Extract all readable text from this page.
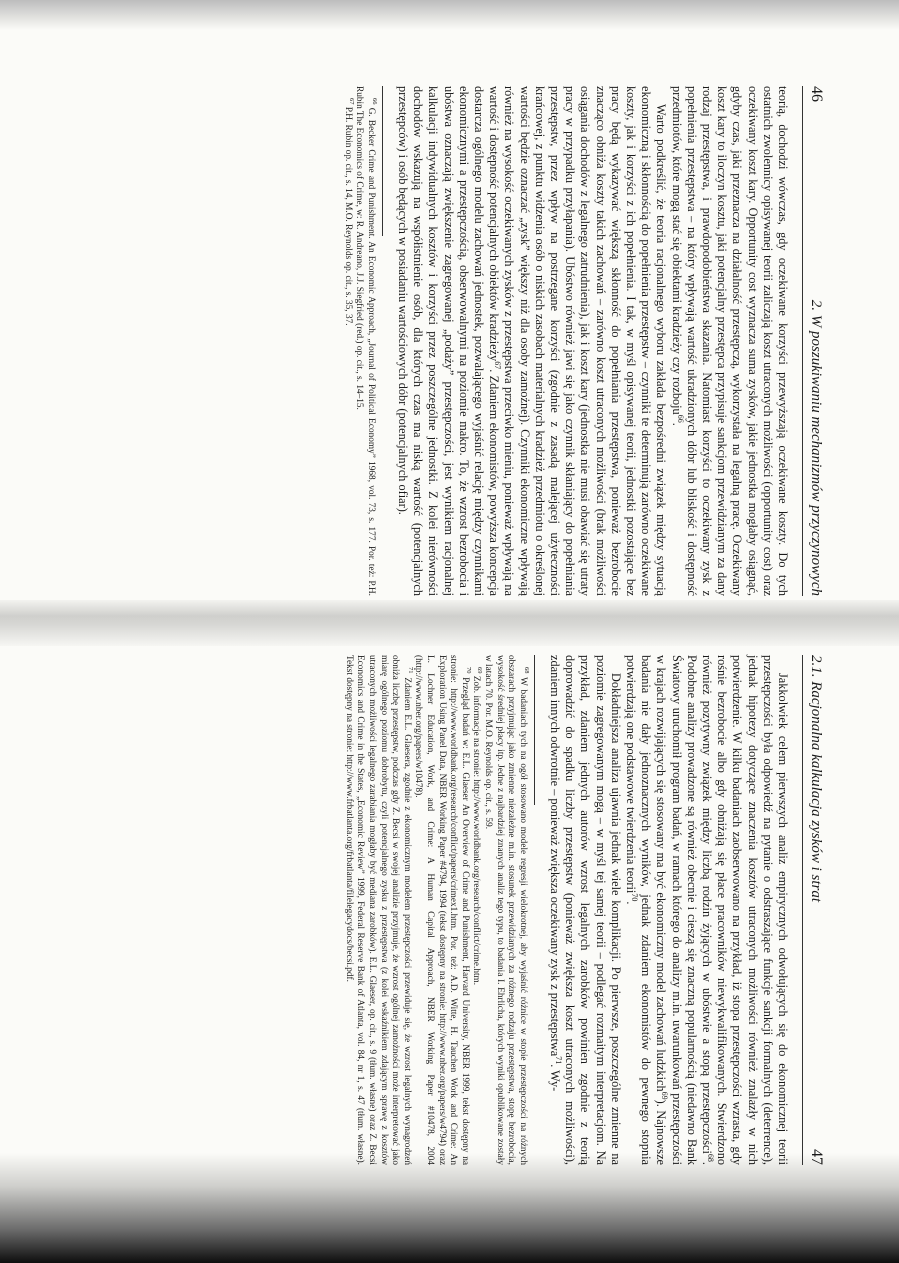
46
2. W poszukiwaniu mechanizmów przyczynowych

teorią, dochodzi wówczas, gdy oczekiwane korzyści przewyższają oczekiwane koszty. Do tych ostatnich zwolennicy opisywanej teorii zaliczają koszt utraconych możliwości (opportunity cost) oraz oczekiwany koszt kary. Opportunity cost wyznacza suma zysków, jakie jednostka mogłaby osiągnąć, gdyby czas, jaki przeznacza na działalność przestępczą, wykorzystała na legalną pracę. Oczekiwany koszt kary to iloczyn kosztu, jaki potencjalny przestępca przypisuje sankcjom przewidzianym za dany rodzaj przestępstwa, i prawdopodobieństwa skazania. Natomiast korzyści to oczekiwany zysk z popełnienia przestępstwa – na który wpływają wartość ukradzionych dóbr lub bliskość i dostępność przedmiotów, które mogą stać się obiektami kradzieży czy rozboju$^{66}$.

Warto podkreślić, że teoria racjonalnego wyboru zakłada bezpośredni związek między sytuacją ekonomiczną i skłonnością do popełnienia przestępstw – czynniki te determinują zarówno oczekiwane koszty, jak i korzyści z ich popełnienia. I tak, w myśl opisywanej teorii, jednostki pozostające bez pracy będą wykazywać większą skłonność do popełniania przestępstwa, ponieważ bezrobocie znacząco obniża koszty takich zachowań – zarówno koszt utraconych możliwości (brak możliwości osiągania dochodów z legalnego zatrudnienia), jak i koszt kary (jednostka nie musi obawiać się utraty pracy w przypadku przyłapania). Ubóstwo również jawi się jako czynnik skłaniający do popełniania przestępstw, przez wpływ na postrzegane korzyści (zgodnie z zasadą malejącej użyteczności krańcowej, z punktu widzenia osób o niskich zasobach materialnych kradzież przedmiotu o określonej wartości będzie oznaczać „zysk” większy niż dla osoby zamożnej). Czynniki ekonomiczne wpływają również na wysokość oczekiwanych zysków z przestępstwa przeciwko mieniu, ponieważ wpływają na wartość i dostępność potencjalnych obiektów kradzieży$^{67}$. Zdaniem ekonomistów, powyższa koncepcja dostarcza ogólnego modelu zachowań jednostek, pozwalającego wyjaśnić relację między czynnikami ekonomicznymi a przestępczością, obserwowalnymi na poziomie makro. To, że wzrost bezrobocia i ubóstwa oznaczają zwiększenie zagregowanej „podaży” przestępczości, jest wynikiem racjonalnej kalkulacji indywidualnych kosztów i korzyści przez poszczególne jednostki. Z kolei nierówności dochodów wskazują na współistnienie osób, dla których czas ma niską wartość (potencjalnych przestępców) i osób będących w posiadaniu wartościowych dóbr (potencjalnych ofiar).

$^{66}$ G. Becker Crime and Punishment. An Economic Approach, „Journal of Political Economy” 1968, vol. 73, s. 177. Por. też: P.H. Rubin The Economics of Crime, w: R. Andreano, J.J. Siegfried (red.) op. cit., s. 14–15.

$^{67}$ P.H. Rubin op. cit., s. 14, M.O. Reynolds op. cit., s. 35, 37.

47
2.1. Racjonalna kalkulacja zysków i strat

Jakkolwiek celem pierwszych analiz empirycznych odwołujących się do ekonomicznej teorii przestępczości była odpowiedź na pytanie o odstraszające funkcje sankcji formalnych (deterrence), jednak hipotezy dotyczące znaczenia kosztów utraconych możliwości również znalazły w nich potwierdzenie. W kilku badaniach zaobserwowano na przykład, iż stopa przestępczości wzrasta, gdy rośnie bezrobocie albo gdy obniżają się płace pracowników niewykwalifikowanych. Stwierdzono również pozytywny związek między liczbą rodzin żyjących w ubóstwie a stopą przestępczości$^{68}$. Podobne analizy prowadzone są również obecnie i cieszą się znaczną popularnością (niedawno Bank Światowy uruchomił program badań, w ramach którego do analizy m.in. uwarunkowań przestępczości w krajach rozwijających się stosowany ma być ekonomiczny model zachowań ludzkich$^{69}$). Najnowsze badania nie dały jednoznacznych wyników, jednak zdaniem ekonomistów do pewnego stopnia potwierdzają one podstawowe twierdzenia teorii$^{70}$.

Dokładniejsza analiza ujawnia jednak wiele komplikacji. Po pierwsze, poszczególne zmienne na poziomie zagregowanym mogą – w myśl tej samej teorii – podlegać rozmaitym interpretacjom. Na przykład, zdaniem jednych autorów wzrost legalnych zarobków powinien zgodnie z teorią doprowadzić do spadku liczby przestępstw (ponieważ zwiększa koszt utraconych możliwości), zdaniem innych odwrotnie – ponieważ zwiększa oczekiwany zysk z przestępstwa$^{71}$. Wy-

$^{68}$ W badaniach tych na ogół stosowano modele regresji wielokrotnej, aby wyjaśnić różnice w stopie przestępczości na różnych obszarach przyjmując jako zmienne niezależne m.in. stosunek przewidzianych za różnego rodzaju przestępstwa, stopę bezrobocia, wysokość średniej płacy itp. Jedne z najbardziej znanych analiz tego typu, to badania I. Ehrlicha, których wyniki opublikowane zostały w latach 70. Por. M.O. Reynolds op. cit., s. 59.

$^{69}$ Zob. informacje na stronie: http://www.worldbank.org/research/conflict/crime.htm.

$^{70}$ Przegląd badań w: E.L. Glaeser An Overview of Crime and Punishment, Harvard University, NBER 1999, tekst dostępny na stronie: http://www.worldbank.org/research/conflict/papers/crimex1.htm. Por. też: A.D. Witte, H. Tauchen Work and Crime: An Exploration Using Panel Data, NBER Working Paper #4794, 1994 (tekst dostępny na stronie: http://www.nber.org/papers/w4794) oraz L. Lochner Education, Work, and Crime: A Human Capital Approach, NBER Working Paper #10478, 2004 (http://www.nber.org/papers/w10478).

$^{71}$ Zdaniem E.L. Glaesera, zgodnie z ekonomicznym modelem przestępczości przewiduje się, że wzrost legalnych wynagrodzeń obniża liczbę przestępstw, podczas gdy Z. Becsi w swojej analizie przyjmuje, że wzrost ogólnej zamożności może interpretować jako miarę ogólnego poziomu dobrobytu, czyli potencjalnego zysku z przestępstwa (z kolei wskaźnikiem zdającym sprawę z kosztów utraconych możliwości legalnego zarabiania mogłaby być mediana zarobków). E.L. Glaeser, op. cit., s. 9 (tłum. własne) oraz Z. Becsi Economics and Crime in the States, „Economic Review” 1999, Federal Reserve Bank of Atlanta, vol. 84, nr 1, s. 47 (tłum. własne). Tekst dostępny na stronie: http://www.frbatlanta.org/frbatlanta/filelegacydocs/becsi.pdf.
